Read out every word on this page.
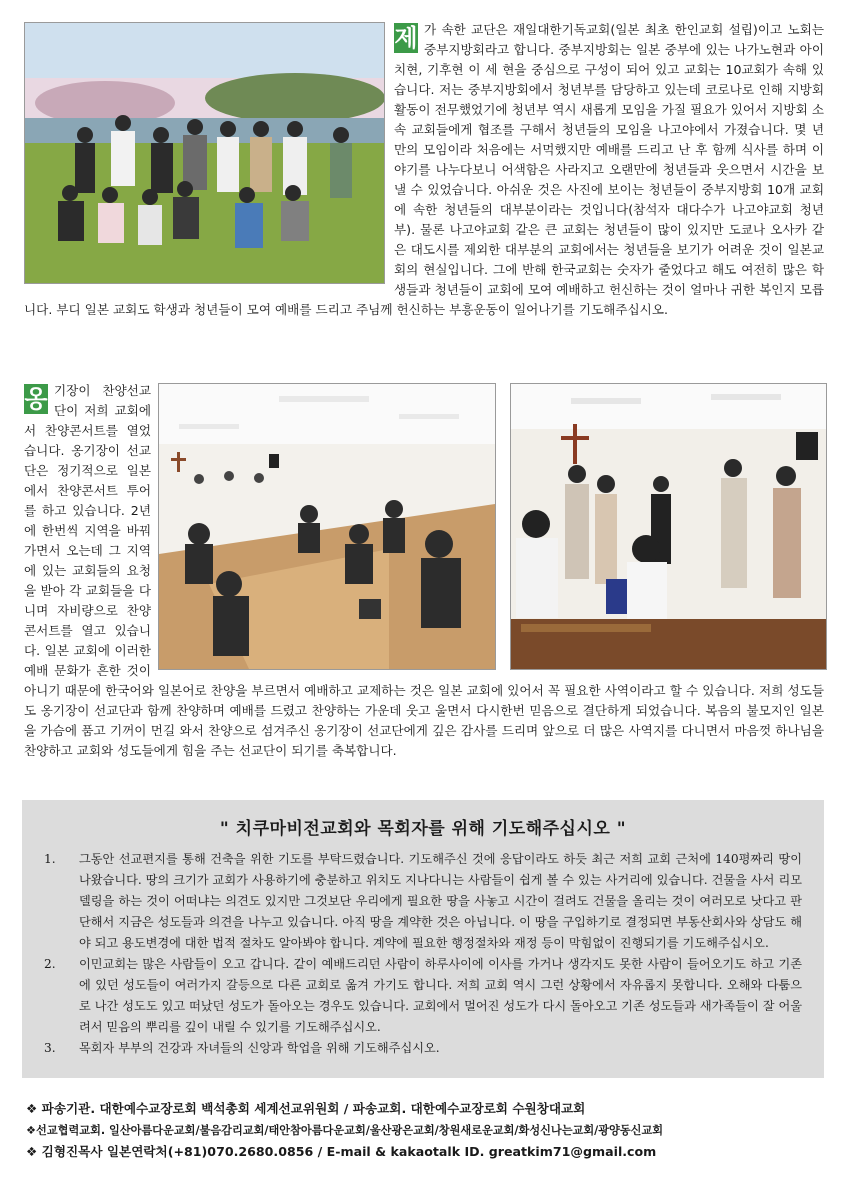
제 가 속한 교단은 재일대한기독교회(일본 최초 한인교회 설립)이고 노회는 중부지방회라고 합니다. 중부지방회는 일본 중부에 있는 나가노현과 아이치현, 기후현 이 세 현을 중심으로 구성이 되어 있고 교회는 10교회가 속해 있습니다. 저는 중부지방회에서 청년부를 담당하고 있는데 코로나로 인해 지방회 활동이 전무했었기에 청년부 역시 새롭게 모임을 가질 필요가 있어서 지방회 소속 교회들에게 협조를 구해서 청년들의 모임을 나고야에서 가졌습니다. 몇 년 만의 모임이라 처음에는 서먹했지만 예배를 드리고 난 후 함께 식사를 하며 이야기를 나누다보니 어색함은 사라지고 오랜만에 청년들과 웃으면서 시간을 보낼 수 있었습니다. 아쉬운 것은 사진에 보이는 청년들이 중부지방회 10개 교회에 속한 청년들의 대부분이라는 것입니다(참석자 대다수가 나고야교회 청년부). 물론 나고야교회 같은 큰 교회는 청년들이 많이 있지만 도쿄나 오사카 같은 대도시를 제외한 대부분의 교회에서는 청년들을 보기가 어려운 것이 일본교회의 현실입니다. 그에 반해 한국교회는 숫자가 줄었다고 해도 여전히 많은 학생들과 청년들이 교회에 모여 예배하고 헌신하는 것이 얼마나 귀한 복인지 모릅니다. 부디 일본 교회도 학생과 청년들이 모여 예배를 드리고 주님께 헌신하는 부흥운동이 일어나기를 기도해주십시오.
옹 기장이 찬양선교단이 저희 교회에서 찬양콘서트를 열었습니다. 옹기장이 선교단은 정기적으로 일본에서 찬양콘서트 투어를 하고 있습니다. 2년에 한번씩 지역을 바꿔가면서 오는데 그 지역에 있는 교회들의 요청을 받아 각 교회들을 다니며 자비량으로 찬양콘서트를 열고 있습니다. 일본 교회에 이러한 예배 문화가 흔한 것이 아니기 때문에 한국어와 일본어로 찬양을 부르면서 예배하고 교제하는 것은 일본 교회에 있어서 꼭 필요한 사역이라고 할 수 있습니다. 저희 성도들도 옹기장이 선교단과 함께 찬양하며 예배를 드렸고 찬양하는 가운데 웃고 울면서 다시한번 믿음으로 결단하게 되었습니다. 복음의 불모지인 일본을 가슴에 품고 기꺼이 먼길 와서 찬양으로 섬겨주신 옹기장이 선교단에게 깊은 감사를 드리며 앞으로 더 많은 사역지를 다니면서 마음껏 하나님을 찬양하고 교회와 성도들에게 힘을 주는 선교단이 되기를 축복합니다.
" 치쿠마비전교회와 목회자를 위해 기도해주십시오 "
1. 그동안 선교편지를 통해 건축을 위한 기도를 부탁드렸습니다. 기도해주신 것에 응답이라도 하듯 최근 저희 교회 근처에 140평짜리 땅이 나왔습니다. 땅의 크기가 교회가 사용하기에 충분하고 위치도 지나다니는 사람들이 쉽게 볼 수 있는 사거리에 있습니다. 건물을 사서 리모델링을 하는 것이 어떠냐는 의견도 있지만 그것보단 우리에게 필요한 땅을 사놓고 시간이 걸려도 건물을 올리는 것이 여러모로 낫다고 판단해서 지금은 성도들과 의견을 나누고 있습니다. 아직 땅을 계약한 것은 아닙니다. 이 땅을 구입하기로 결정되면 부동산회사와 상담도 해야 되고 용도변경에 대한 법적 절차도 알아봐야 합니다. 계약에 필요한 행정절차와 재정 등이 막힘없이 진행되기를 기도해주십시오.
2. 이민교회는 많은 사람들이 오고 갑니다. 같이 예배드리던 사람이 하루사이에 이사를 가거나 생각지도 못한 사람이 들어오기도 하고 기존에 있던 성도들이 여러가지 갈등으로 다른 교회로 옮겨 가기도 합니다. 저희 교회 역시 그런 상황에서 자유롭지 못합니다. 오해와 다툼으로 나간 성도도 있고 떠났던 성도가 돌아오는 경우도 있습니다. 교회에서 멀어진 성도가 다시 돌아오고 기존 성도들과 새가족들이 잘 어울려서 믿음의 뿌리를 깊이 내릴 수 있기를 기도해주십시오.
3. 목회자 부부의 건강과 자녀들의 신앙과 학업을 위해 기도해주십시오.
❖ 파송기관. 대한예수교장로회 백석총회 세계선교위원회 / 파송교회. 대한예수교장로회 수원창대교회
❖선교협력교회. 일산아름다운교회/불음감리교회/태안참아름다운교회/울산광은교회/창원새로운교회/화성신나는교회/광양동신교회
❖ 김형진목사 일본연락처(+81)070.2680.0856 / E-mail & kakaotalk ID. greatkim71@gmail.com
